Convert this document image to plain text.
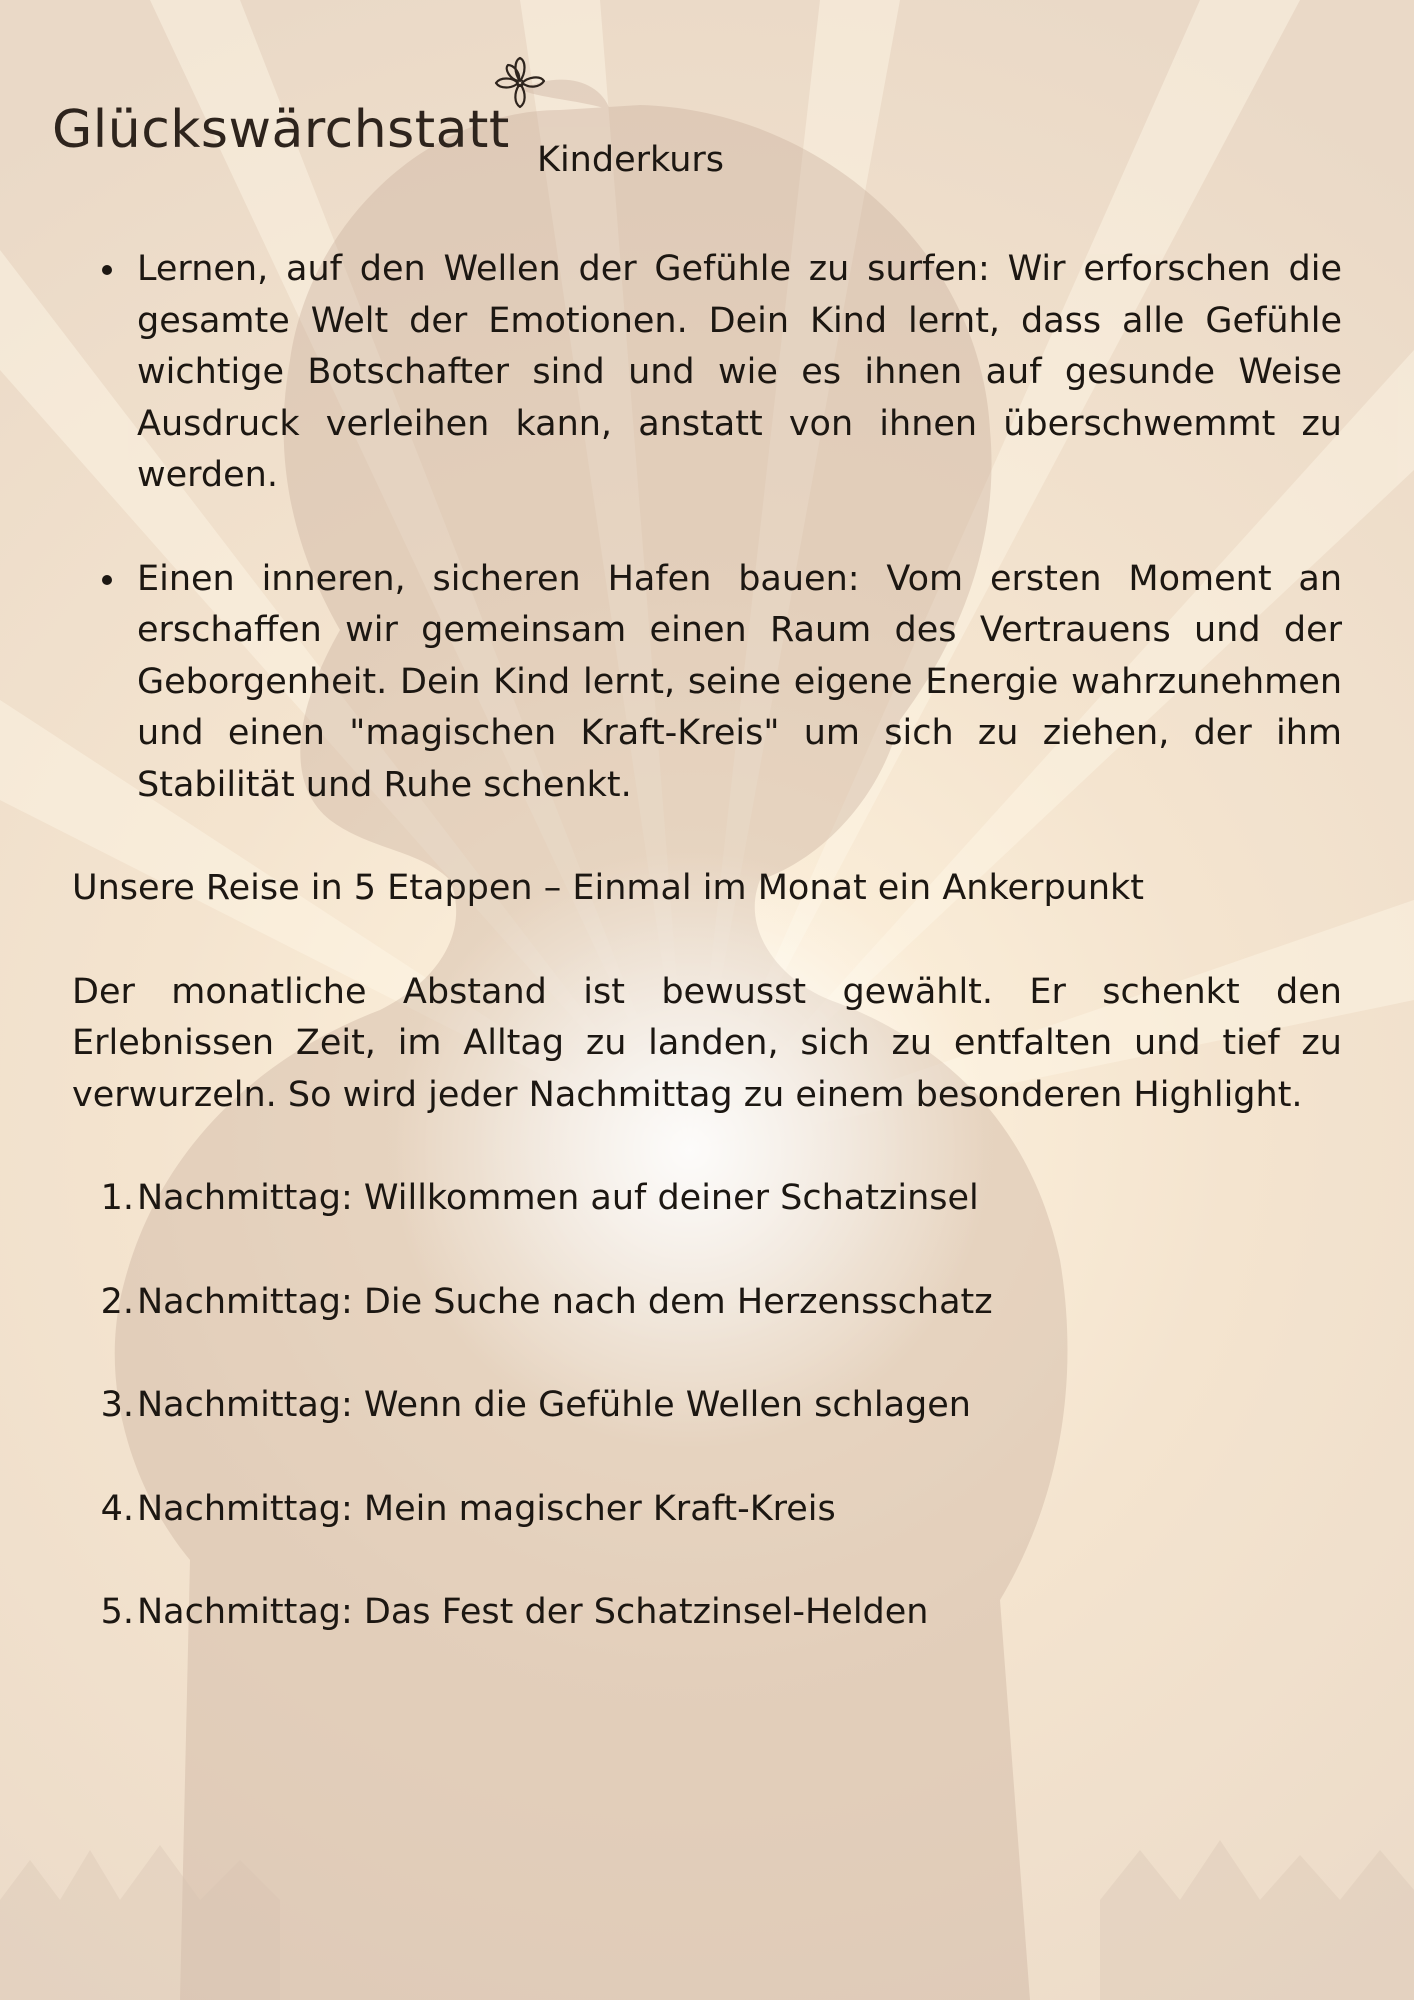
Glückswärchstatt Kinderkurs
Lernen, auf den Wellen der Gefühle zu surfen: Wir erforschen die gesamte Welt der Emotionen. Dein Kind lernt, dass alle Gefühle wichtige Botschafter sind und wie es ihnen auf gesunde Weise Ausdruck verleihen kann, anstatt von ihnen überschwemmt zu werden.
Einen inneren, sicheren Hafen bauen: Vom ersten Moment an erschaffen wir gemeinsam einen Raum des Vertrauens und der Geborgenheit. Dein Kind lernt, seine eigene Energie wahrzunehmen und einen "magischen Kraft-Kreis" um sich zu ziehen, der ihm Stabilität und Ruhe schenkt.

Unsere Reise in 5 Etappen – Einmal im Monat ein Ankerpunkt

Der monatliche Abstand ist bewusst gewählt. Er schenkt den Erlebnissen Zeit, im Alltag zu landen, sich zu entfalten und tief zu verwurzeln. So wird jeder Nachmittag zu einem besonderen Highlight.

1. Nachmittag: Willkommen auf deiner Schatzinsel
2. Nachmittag: Die Suche nach dem Herzensschatz
3. Nachmittag: Wenn die Gefühle Wellen schlagen
4. Nachmittag: Mein magischer Kraft-Kreis
5. Nachmittag: Das Fest der Schatzinsel-Helden
